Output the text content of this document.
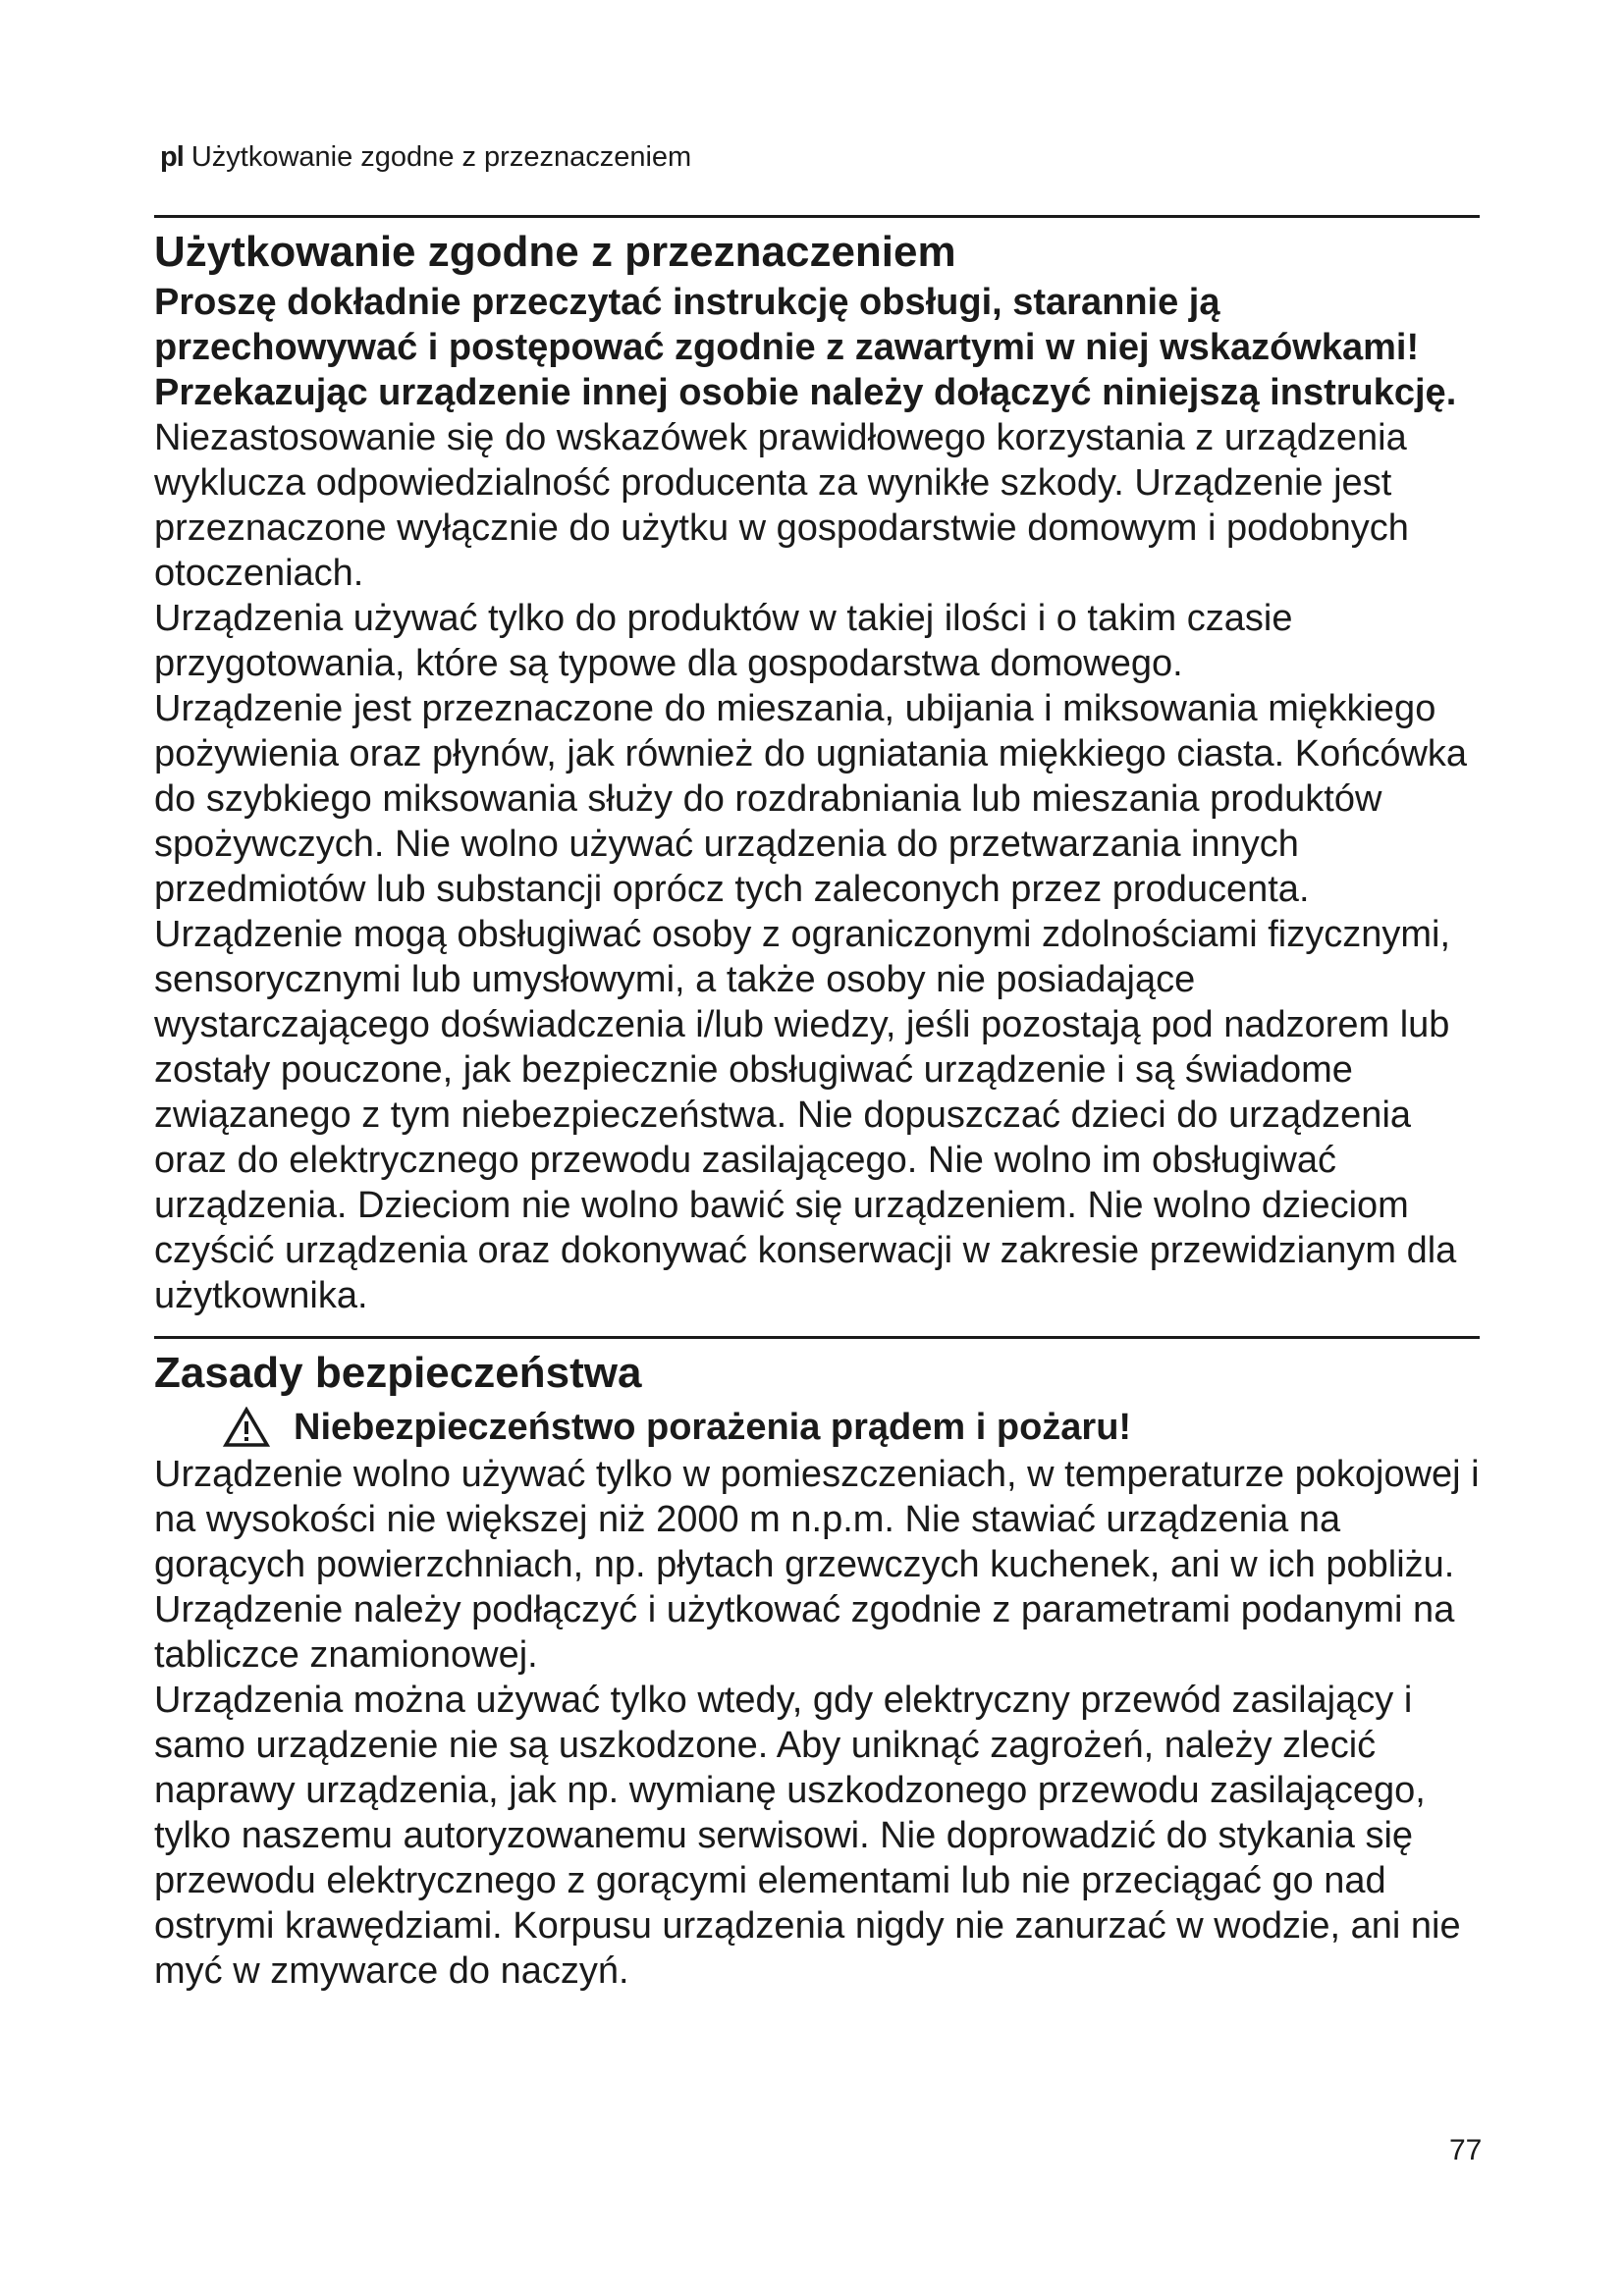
pl Użytkowanie zgodne z przeznaczeniem
Użytkowanie zgodne z przeznaczeniem

Proszę dokładnie przeczytać instrukcję obsługi, starannie ją przechowywać i postępować zgodnie z zawartymi w niej wskazówkami! Przekazując urządzenie innej osobie należy dołączyć niniejszą instrukcję.

Niezastosowanie się do wskazówek prawidłowego korzystania z urządzenia wyklucza odpowiedzialność producenta za wynikłe szkody. Urządzenie jest przeznaczone wyłącznie do użytku w gospodarstwie domowym i podobnych otoczeniach.

Urządzenia używać tylko do produktów w takiej ilości i o takim czasie przygotowania, które są typowe dla gospodarstwa domowego.

Urządzenie jest przeznaczone do mieszania, ubijania i miksowania miękkiego pożywienia oraz płynów, jak również do ugniatania miękkiego ciasta. Końcówka do szybkiego miksowania służy do rozdrabniania lub mieszania produktów spożywczych. Nie wolno używać urządzenia do przetwarzania innych przedmiotów lub substancji oprócz tych zaleconych przez producenta.

Urządzenie mogą obsługiwać osoby z ograniczonymi zdolnościami fizycznymi, sensorycznymi lub umysłowymi, a także osoby nie posiadające wystarczającego doświadczenia i/lub wiedzy, jeśli pozostają pod nadzorem lub zostały pouczone, jak bezpiecznie obsługiwać urządzenie i są świadome związanego z tym niebezpieczeństwa. Nie dopuszczać dzieci do urządzenia oraz do elektrycznego przewodu zasilającego. Nie wolno im obsługiwać urządzenia. Dzieciom nie wolno bawić się urządzeniem. Nie wolno dzieciom czyścić urządzenia oraz dokonywać konserwacji w zakresie przewidzianym dla użytkownika.

Zasady bezpieczeństwa
Niebezpieczeństwo porażenia prądem i pożaru!

Urządzenie wolno używać tylko w pomieszczeniach, w temperaturze pokojowej i na wysokości nie większej niż 2000 m n.p.m. Nie stawiać urządzenia na gorących powierzchniach, np. płytach grzewczych kuchenek, ani w ich pobliżu. Urządzenie należy podłączyć i użytkować zgodnie z parametrami podanymi na tabliczce znamionowej.

Urządzenia można używać tylko wtedy, gdy elektryczny przewód zasilający i samo urządzenie nie są uszkodzone. Aby uniknąć zagrożeń, należy zlecić naprawy urządzenia, jak np. wymianę uszkodzonego przewodu zasilającego, tylko naszemu autoryzowanemu serwisowi. Nie doprowadzić do stykania się przewodu elektrycznego z gorącymi elementami lub nie przeciągać go nad ostrymi krawędziami. Korpusu urządzenia nigdy nie zanurzać w wodzie, ani nie myć w zmywarce do naczyń.

77
